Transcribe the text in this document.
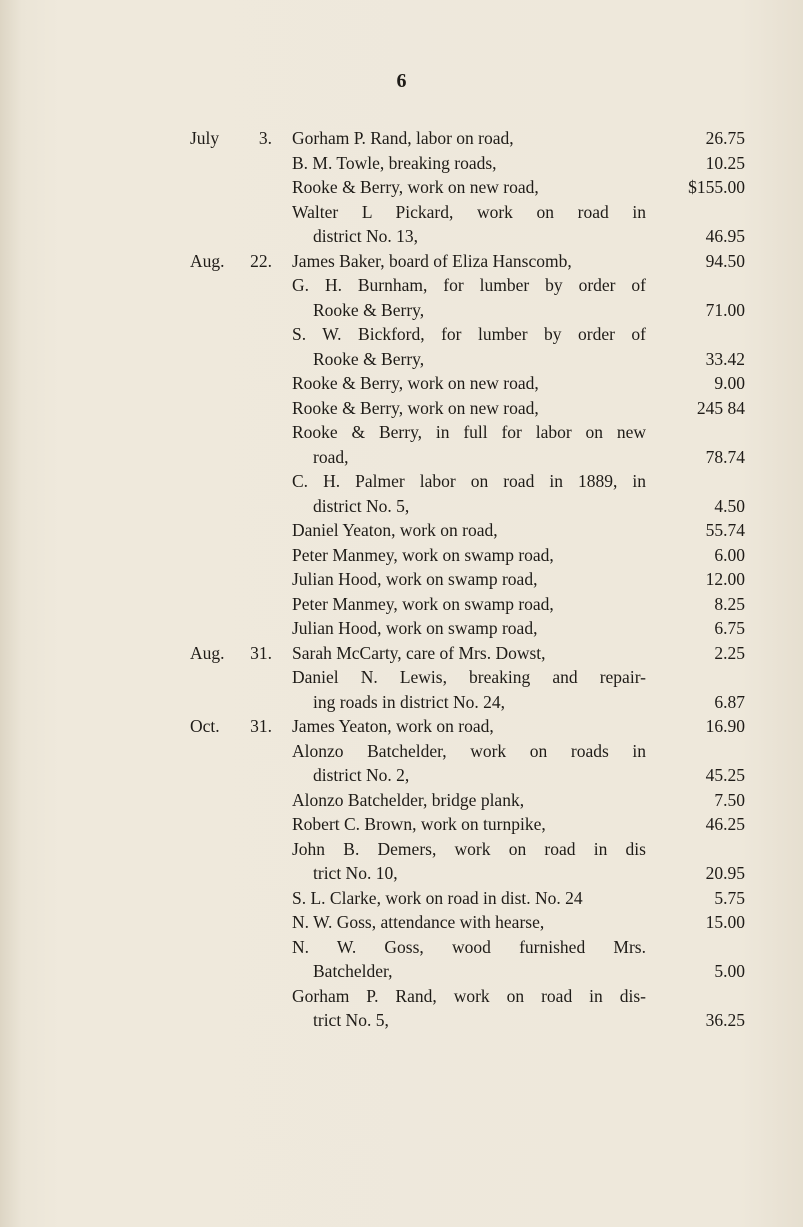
6
July	3. Gorham P. Rand, labor on road,	26.75
B. M. Towle, breaking roads,	10.25
Rooke & Berry, work on new road,	$155.00
Walter L Pickard, work on road in
district No. 13,	46.95
Aug.	22. James Baker, board of Eliza Hanscomb,	94.50
G. H. Burnham, for lumber by order of
Rooke & Berry,	71.00
S. W. Bickford, for lumber by order of
Rooke & Berry,	33.42
Rooke & Berry, work on new road,	9.00
Rooke & Berry, work on new road,	245 84
Rooke & Berry, in full for labor on new
road,	78.74
C. H. Palmer labor on road in 1889, in
district No. 5,	4.50
Daniel Yeaton, work on road,	55.74
Peter Manmey, work on swamp road,	6.00
Julian Hood, work on swamp road,	12.00
Peter Manmey, work on swamp road,	8.25
Julian Hood, work on swamp road,	6.75
Aug.	31. Sarah McCarty, care of Mrs. Dowst,	2.25
Daniel N. Lewis, breaking and repair-
ing roads in district No. 24,	6.87
Oct.	31. James Yeaton, work on road,	16.90
Alonzo Batchelder, work on roads in
district No. 2,	45.25
Alonzo Batchelder, bridge plank,	7.50
Robert C. Brown, work on turnpike,	46.25
John B. Demers, work on road in dis
trict No. 10,	20.95
S. L. Clarke, work on road in dist. No. 24	5.75
N. W. Goss, attendance with hearse,	15.00
N. W. Goss, wood furnished Mrs.
Batchelder,	5.00
Gorham P. Rand, work on road in dis-
trict No. 5,	36.25
